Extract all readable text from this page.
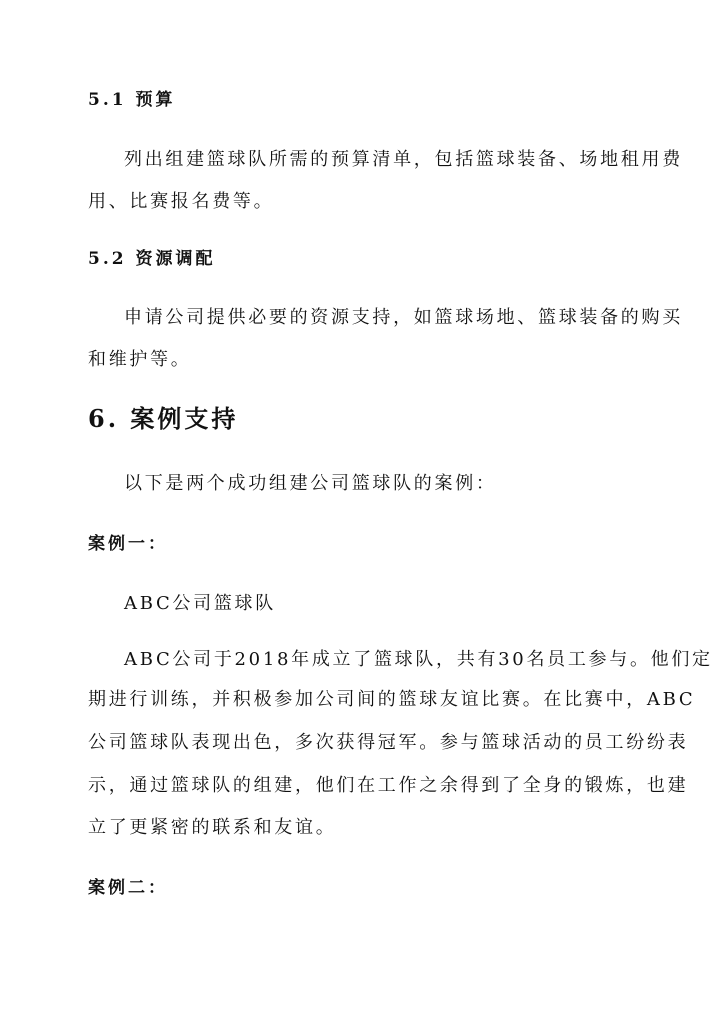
5.1 预算
列出组建篮球队所需的预算清单，包括篮球装备、场地租用费
用、比赛报名费等。
5.2 资源调配
申请公司提供必要的资源支持，如篮球场地、篮球装备的购买
和维护等。
6. 案例支持
以下是两个成功组建公司篮球队的案例：
案例一：
ABC公司篮球队
ABC公司于2018年成立了篮球队，共有30名员工参与。他们定
期进行训练，并积极参加公司间的篮球友谊比赛。在比赛中，ABC
公司篮球队表现出色，多次获得冠军。参与篮球活动的员工纷纷表
示，通过篮球队的组建，他们在工作之余得到了全身的锻炼，也建
立了更紧密的联系和友谊。
案例二：
